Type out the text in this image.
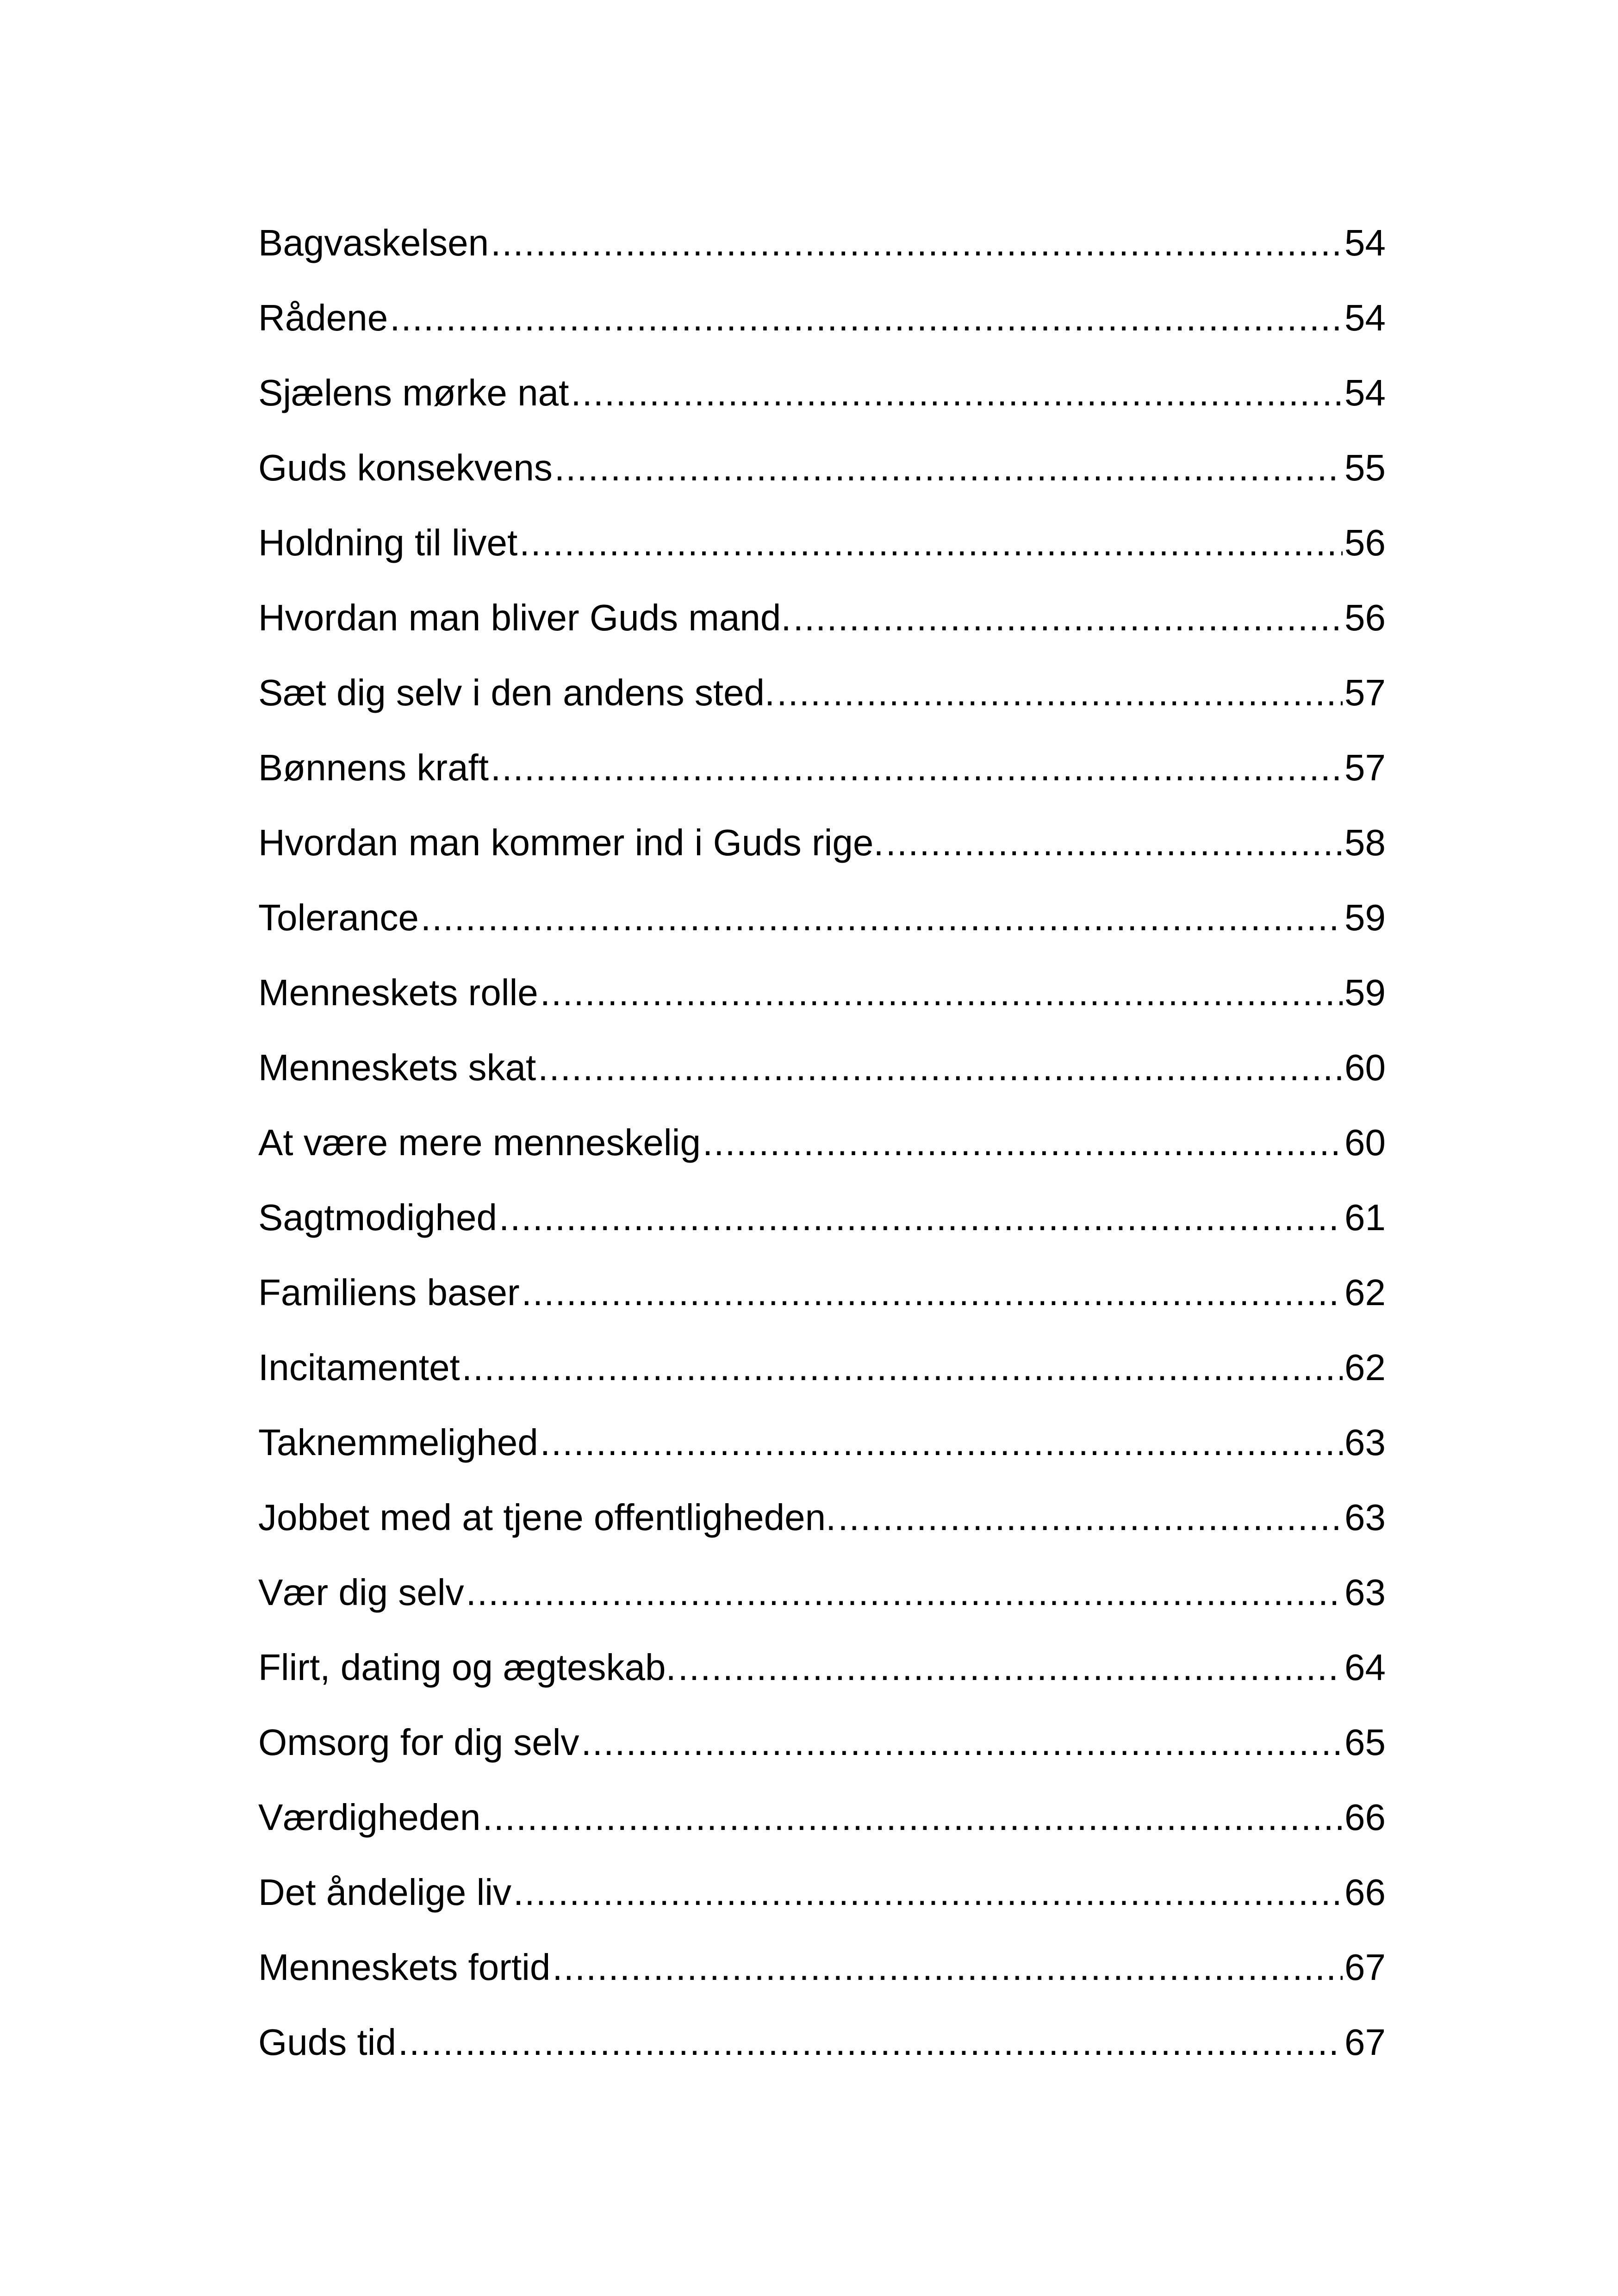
Bagvaskelsen .....	54
Rådene .....	54
Sjælens mørke nat .....	54
Guds konsekvens .....	55
Holdning til livet .....	56
Hvordan man bliver Guds mand. .....	56
Sæt dig selv i den andens sted. .....	57
Bønnens kraft .....	57
Hvordan man kommer ind i Guds rige. .....	58
Tolerance .....	59
Menneskets rolle .....	59
Menneskets skat .....	60
At være mere menneskelig .....	60
Sagtmodighed .....	61
Familiens baser .....	62
Incitamentet .....	62
Taknemmelighed .....	63
Jobbet med at tjene offentligheden. .....	63
Vær dig selv .....	63
Flirt, dating og ægteskab. .....	64
Omsorg for dig selv .....	65
Værdigheden .....	66
Det åndelige liv .....	66
Menneskets fortid .....	67
Guds tid .....	67
